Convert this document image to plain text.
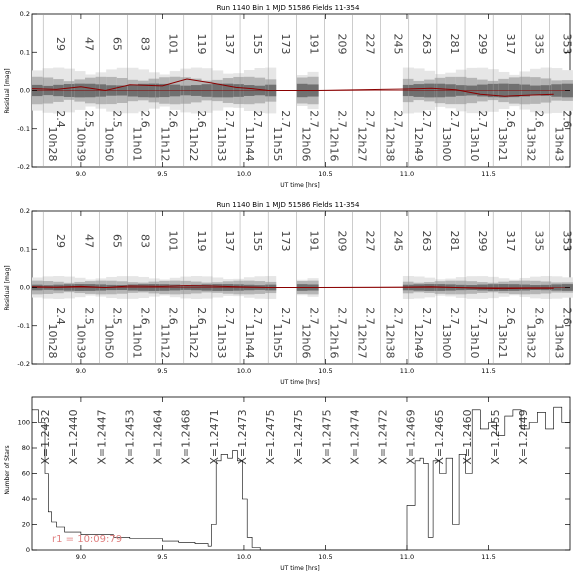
Run 1140 Bin 1 MJD 51586 Fields 11-354
29
2.4
10h28
47
2.5
10h39
65
2.5
10h50
83
2.6
11h01
101
2.6
11h12
119
2.6
11h22
137
2.7
11h33
155
2.7
11h44
173
2.7
11h55
191
2.7
12h06
209
2.7
12h16
227
2.7
12h27
245
2.7
12h38
263
2.7
12h49
281
2.7
13h00
299
2.7
13h10
317
2.6
13h21
335
2.6
13h32
353
2.6
13h43
-0.2
-0.1
0.0
0.1
0.2
9.0	9.5	10.0	10.5	11.0	11.5
Residual [mag]
UT time [hrs]
Run 1140 Bin 1 MJD 51586 Fields 11-354
29
2.4
10h28
47
2.5
10h39
65
2.5
10h50
83
2.6
11h01
101
2.6
11h12
119
2.6
11h22
137
2.7
11h33
155
2.7
11h44
173
2.7
11h55
191
2.7
12h06
209
2.7
12h16
227
2.7
12h27
245
2.7
12h38
263
2.7
12h49
281
2.7
13h00
299
2.7
13h10
317
2.6
13h21
335
2.6
13h32
353
2.6
13h43
-0.2
-0.1
0.0
0.1
0.2
9.0	9.5	10.0	10.5	11.0	11.5
Residual [mag]
UT time [hrs]
X=1.2432 X=1.2440 X=1.2447 X=1.2453 X=1.2464 X=1.2468 X=1.2471 X=1.2473 X=1.2475 X=1.2475 X=1.2475 X=1.2474 X=1.2472 X=1.2469 X=1.2465 X=1.2460 X=1.2455 X=1.2449
0
20
40
60
80
100
9.0	9.5	10.0	10.5	11.0	11.5
r1 = 10:09:79
Number of Stars
UT time [hrs]
